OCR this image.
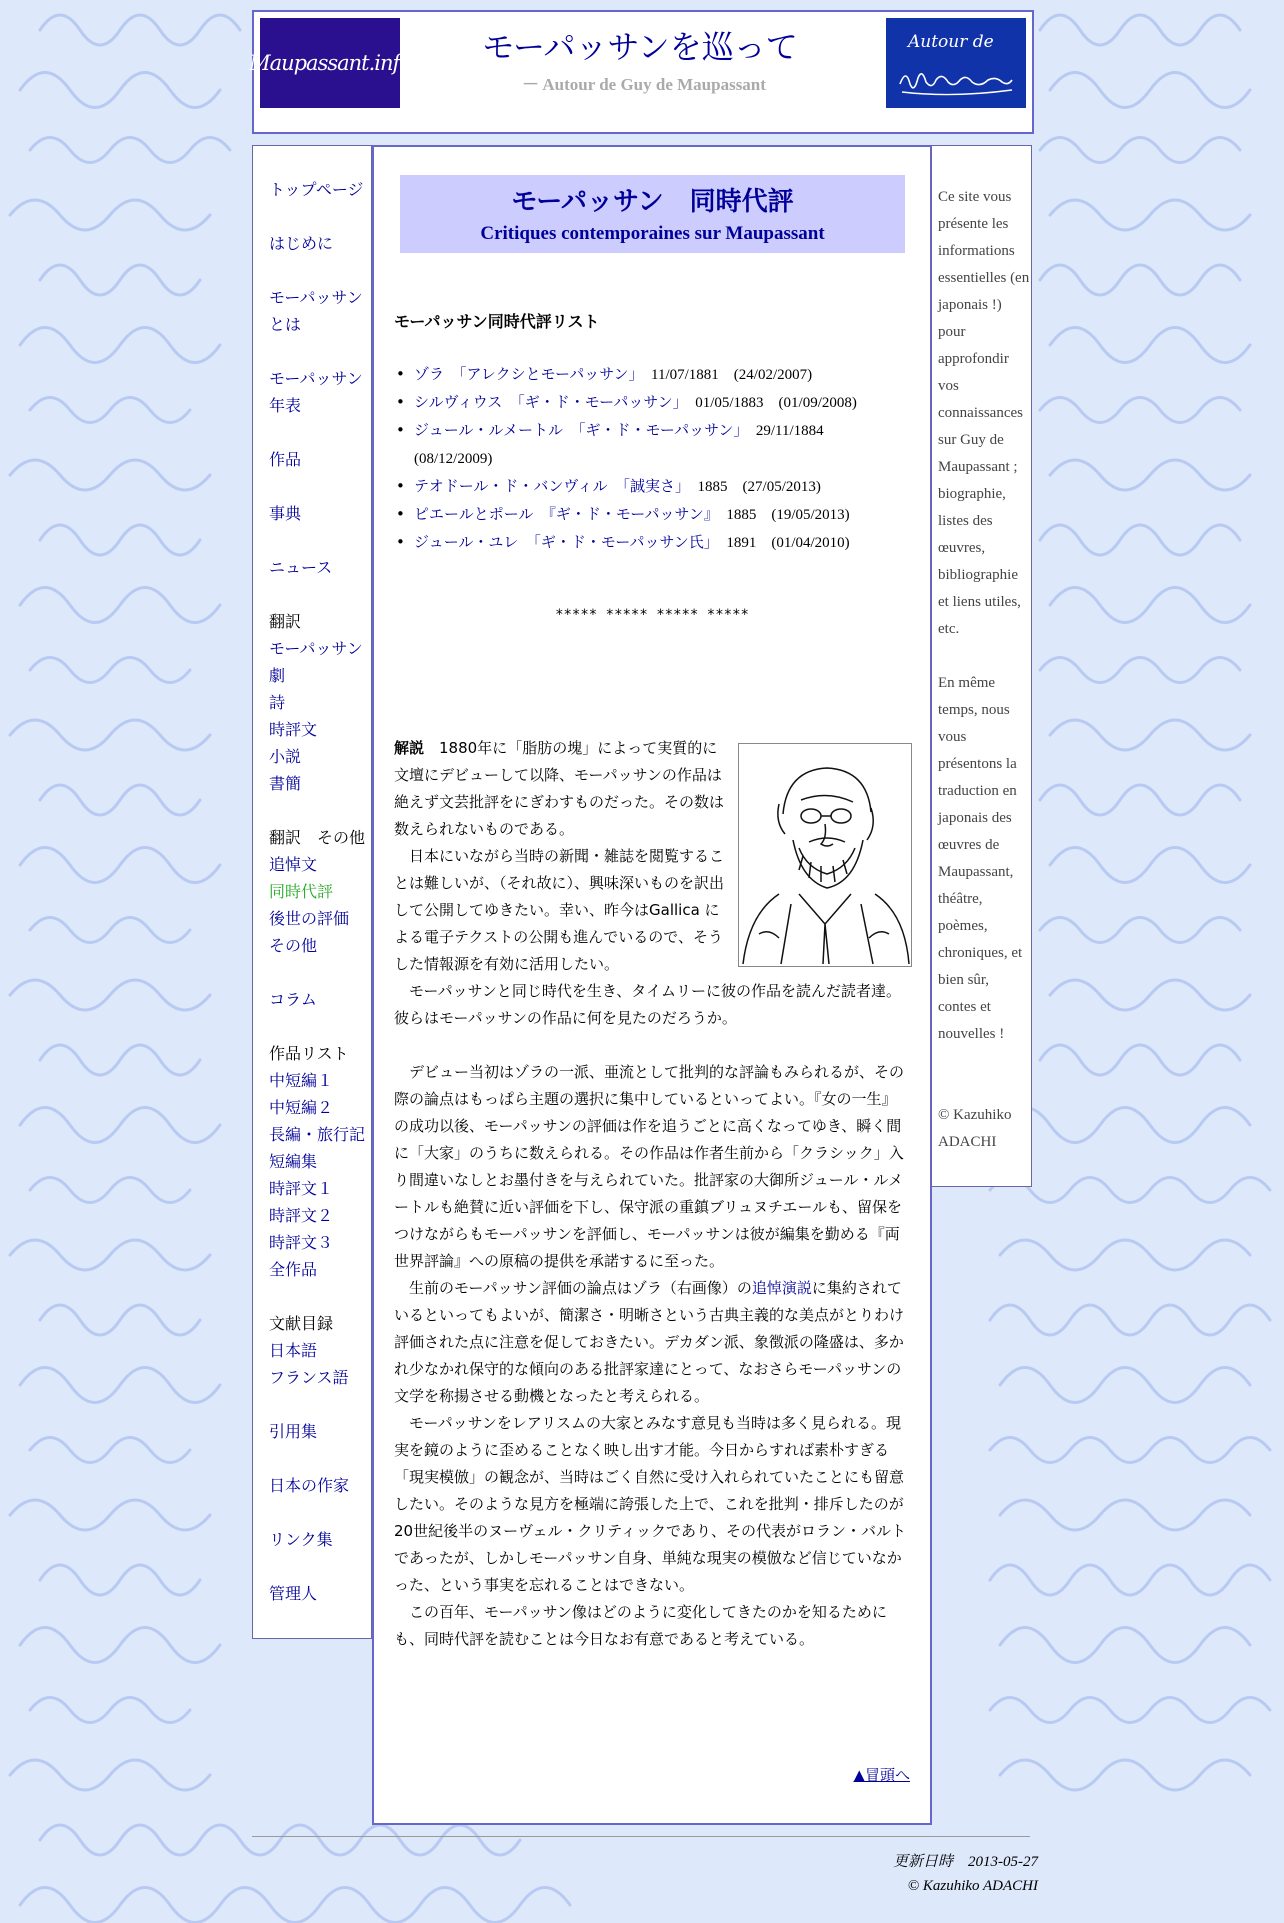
Maupassant.info	モーパッサンを巡って
－ Autour de Guy de Maupassant
Autour de
トップページ
はじめに
モーパッサン
とは
モーパッサン
年表
作品
事典
ニュース
翻訳
モーパッサン
劇
詩
時評文
小説
書簡
翻訳　その他
追悼文
同時代評
後世の評価
その他
コラム
作品リスト
中短編１
中短編２
長編・旅行記
短編集
時評文１
時評文２
時評文３
全作品
文献目録
日本語
フランス語
引用集
日本の作家
リンク集
管理人
モーパッサン　同時代評
Critiques contemporaines sur Maupassant
モーパッサン同時代評リスト
• ゾラ　「アレクシとモーパッサン」　 11/07/1881　(24/02/2007)
• シルヴィウス　「ギ・ド・モーパッサン」　 01/05/1883　(01/09/2008)
• ジュール・ルメートル　「ギ・ド・モーパッサン」　 29/11/1884　(08/12/2009)
• テオドール・ド・バンヴィル　「誠実さ」　 1885　(27/05/2013)
• ピエールとポール　『ギ・ド・モーパッサン』　 1885　(19/05/2013)
• ジュール・ユレ　「ギ・ド・モーパッサン氏」　 1891　(01/04/2010)
***** ***** ***** *****

解説　1880年に「脂肪の塊」によって実質的に文壇にデビューして以降、モーパッサンの作品は絶えず文芸批評をにぎわすものだった。その数は数えられないものである。

　日本にいながら当時の新聞・雑誌を閲覧することは難しいが、（それ故に）、興味深いものを訳出して公開してゆきたい。幸い、昨今はGallica による電子テクストの公開も進んでいるので、そうした情報源を有効に活用したい。

　モーパッサンと同じ時代を生き、タイムリーに彼の作品を読んだ読者達。彼らはモーパッサンの作品に何を見たのだろうか。

　デビュー当初はゾラの一派、亜流として批判的な評論もみられるが、その際の論点はもっぱら主題の選択に集中しているといってよい。『女の一生』の成功以後、モーパッサンの評価は作を追うごとに高くなってゆき、瞬く間に「大家」のうちに数えられる。その作品は作者生前から「クラシック」入り間違いなしとお墨付きを与えられていた。批評家の大御所ジュール・ルメートルも絶賛に近い評価を下し、保守派の重鎮ブリュヌチエールも、留保をつけながらもモーパッサンを評価し、モーパッサンは彼が編集を勤める『両世界評論』への原稿の提供を承諾するに至った。

　生前のモーパッサン評価の論点はゾラ（右画像）の追悼演説に集約されているといってもよいが、簡潔さ・明晰さという古典主義的な美点がとりわけ評価された点に注意を促しておきたい。デカダン派、象徴派の隆盛は、多かれ少なかれ保守的な傾向のある批評家達にとって、なおさらモーパッサンの文学を称揚させる動機となったと考えられる。

　モーパッサンをレアリスムの大家とみなす意見も当時は多く見られる。現実を鏡のように歪めることなく映し出す才能。今日からすれば素朴すぎる「現実模倣」の観念が、当時はごく自然に受け入れられていたことにも留意したい。そのような見方を極端に誇張した上で、これを批判・排斥したのが20世紀後半のヌーヴェル・クリティックであり、その代表がロラン・バルトであったが、しかしモーパッサン自身、単純な現実の模倣など信じていなかった、という事実を忘れることはできない。

　この百年、モーパッサン像はどのように変化してきたのかを知るためにも、同時代評を読むことは今日なお有意であると考えている。

▲冒頭へ
Ce site vous présente les informations essentielles (en japonais !) pour approfondir vos connaissances sur Guy de Maupassant ; biographie, listes des œuvres, bibliographie et liens utiles, etc.
En même temps, nous vous présentons la traduction en japonais des œuvres de Maupassant, théâtre, poèmes, chroniques, et bien sûr, contes et nouvelles !
© Kazuhiko ADACHI
更新日時　2013-05-27
© Kazuhiko ADACHI
